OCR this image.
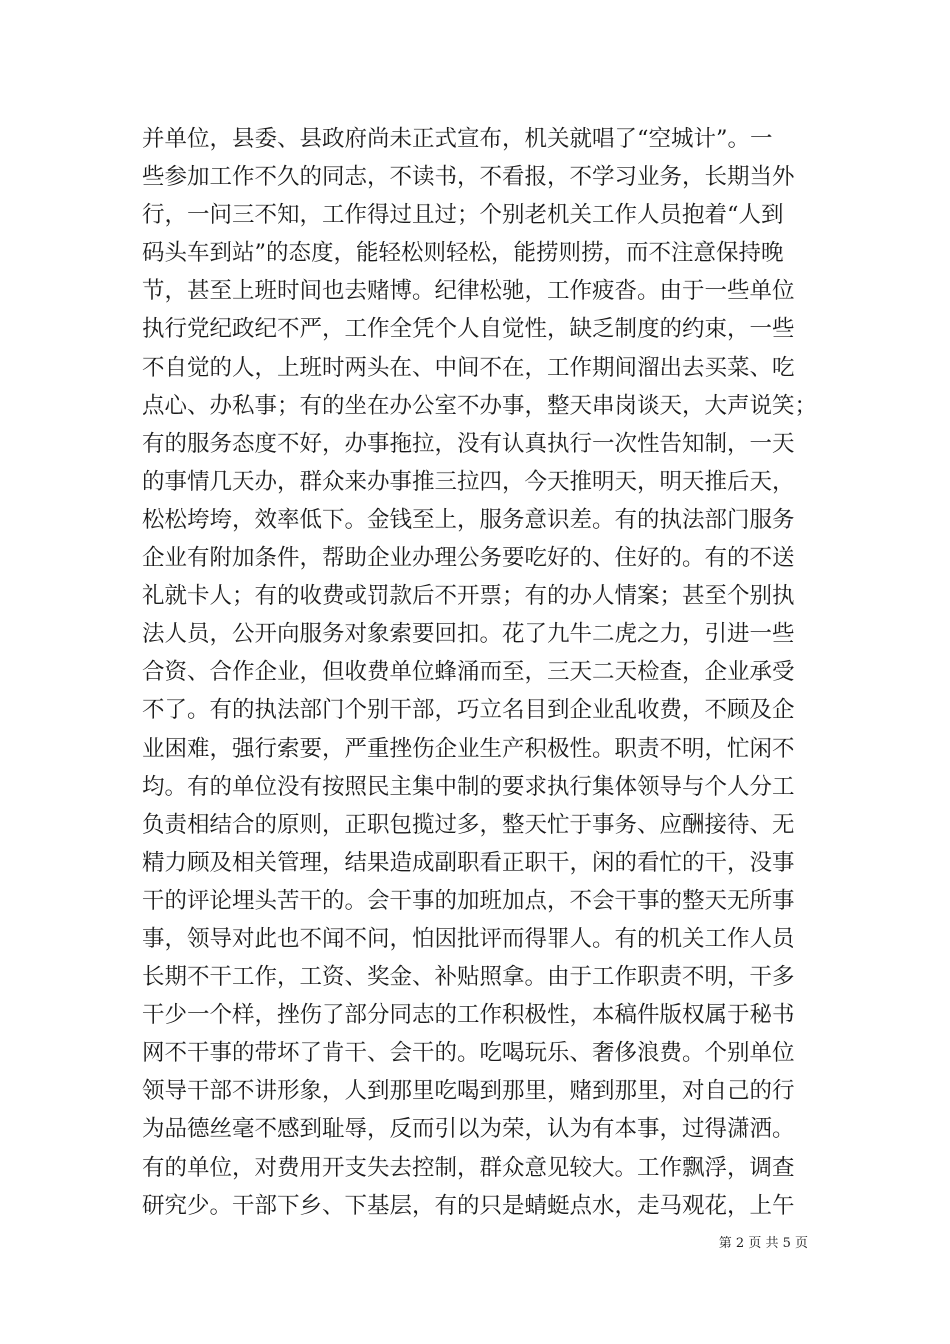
并单位，县委、县政府尚未正式宣布，机关就唱了“空城计”。一
些参加工作不久的同志，不读书，不看报，不学习业务，长期当外
行，一问三不知，工作得过且过；个别老机关工作人员抱着“人到
码头车到站”的态度，能轻松则轻松，能捞则捞，而不注意保持晚
节，甚至上班时间也去赌博。纪律松驰，工作疲沓。由于一些单位
执行党纪政纪不严，工作全凭个人自觉性，缺乏制度的约束，一些
不自觉的人，上班时两头在、中间不在，工作期间溜出去买菜、吃
点心、办私事；有的坐在办公室不办事，整天串岗谈天，大声说笑；
有的服务态度不好，办事拖拉，没有认真执行一次性告知制，一天
的事情几天办，群众来办事推三拉四，今天推明天，明天推后天，
松松垮垮，效率低下。金钱至上，服务意识差。有的执法部门服务
企业有附加条件，帮助企业办理公务要吃好的、住好的。有的不送
礼就卡人；有的收费或罚款后不开票；有的办人情案；甚至个别执
法人员，公开向服务对象索要回扣。花了九牛二虎之力，引进一些
合资、合作企业，但收费单位蜂涌而至，三天二天检查，企业承受
不了。有的执法部门个别干部，巧立名目到企业乱收费，不顾及企
业困难，强行索要，严重挫伤企业生产积极性。职责不明，忙闲不
均。有的单位没有按照民主集中制的要求执行集体领导与个人分工
负责相结合的原则，正职包揽过多，整天忙于事务、应酬接待、无
精力顾及相关管理，结果造成副职看正职干，闲的看忙的干，没事
干的评论埋头苦干的。会干事的加班加点，不会干事的整天无所事
事，领导对此也不闻不问，怕因批评而得罪人。有的机关工作人员
长期不干工作，工资、奖金、补贴照拿。由于工作职责不明，干多
干少一个样，挫伤了部分同志的工作积极性，本稿件版权属于秘书
网不干事的带坏了肯干、会干的。吃喝玩乐、奢侈浪费。个别单位
领导干部不讲形象，人到那里吃喝到那里，赌到那里，对自己的行
为品德丝毫不感到耻辱，反而引以为荣，认为有本事，过得潇洒。
有的单位，对费用开支失去控制，群众意见较大。工作飘浮，调查
研究少。干部下乡、下基层，有的只是蜻蜓点水，走马观花，上午
第 2 页 共 5 页
